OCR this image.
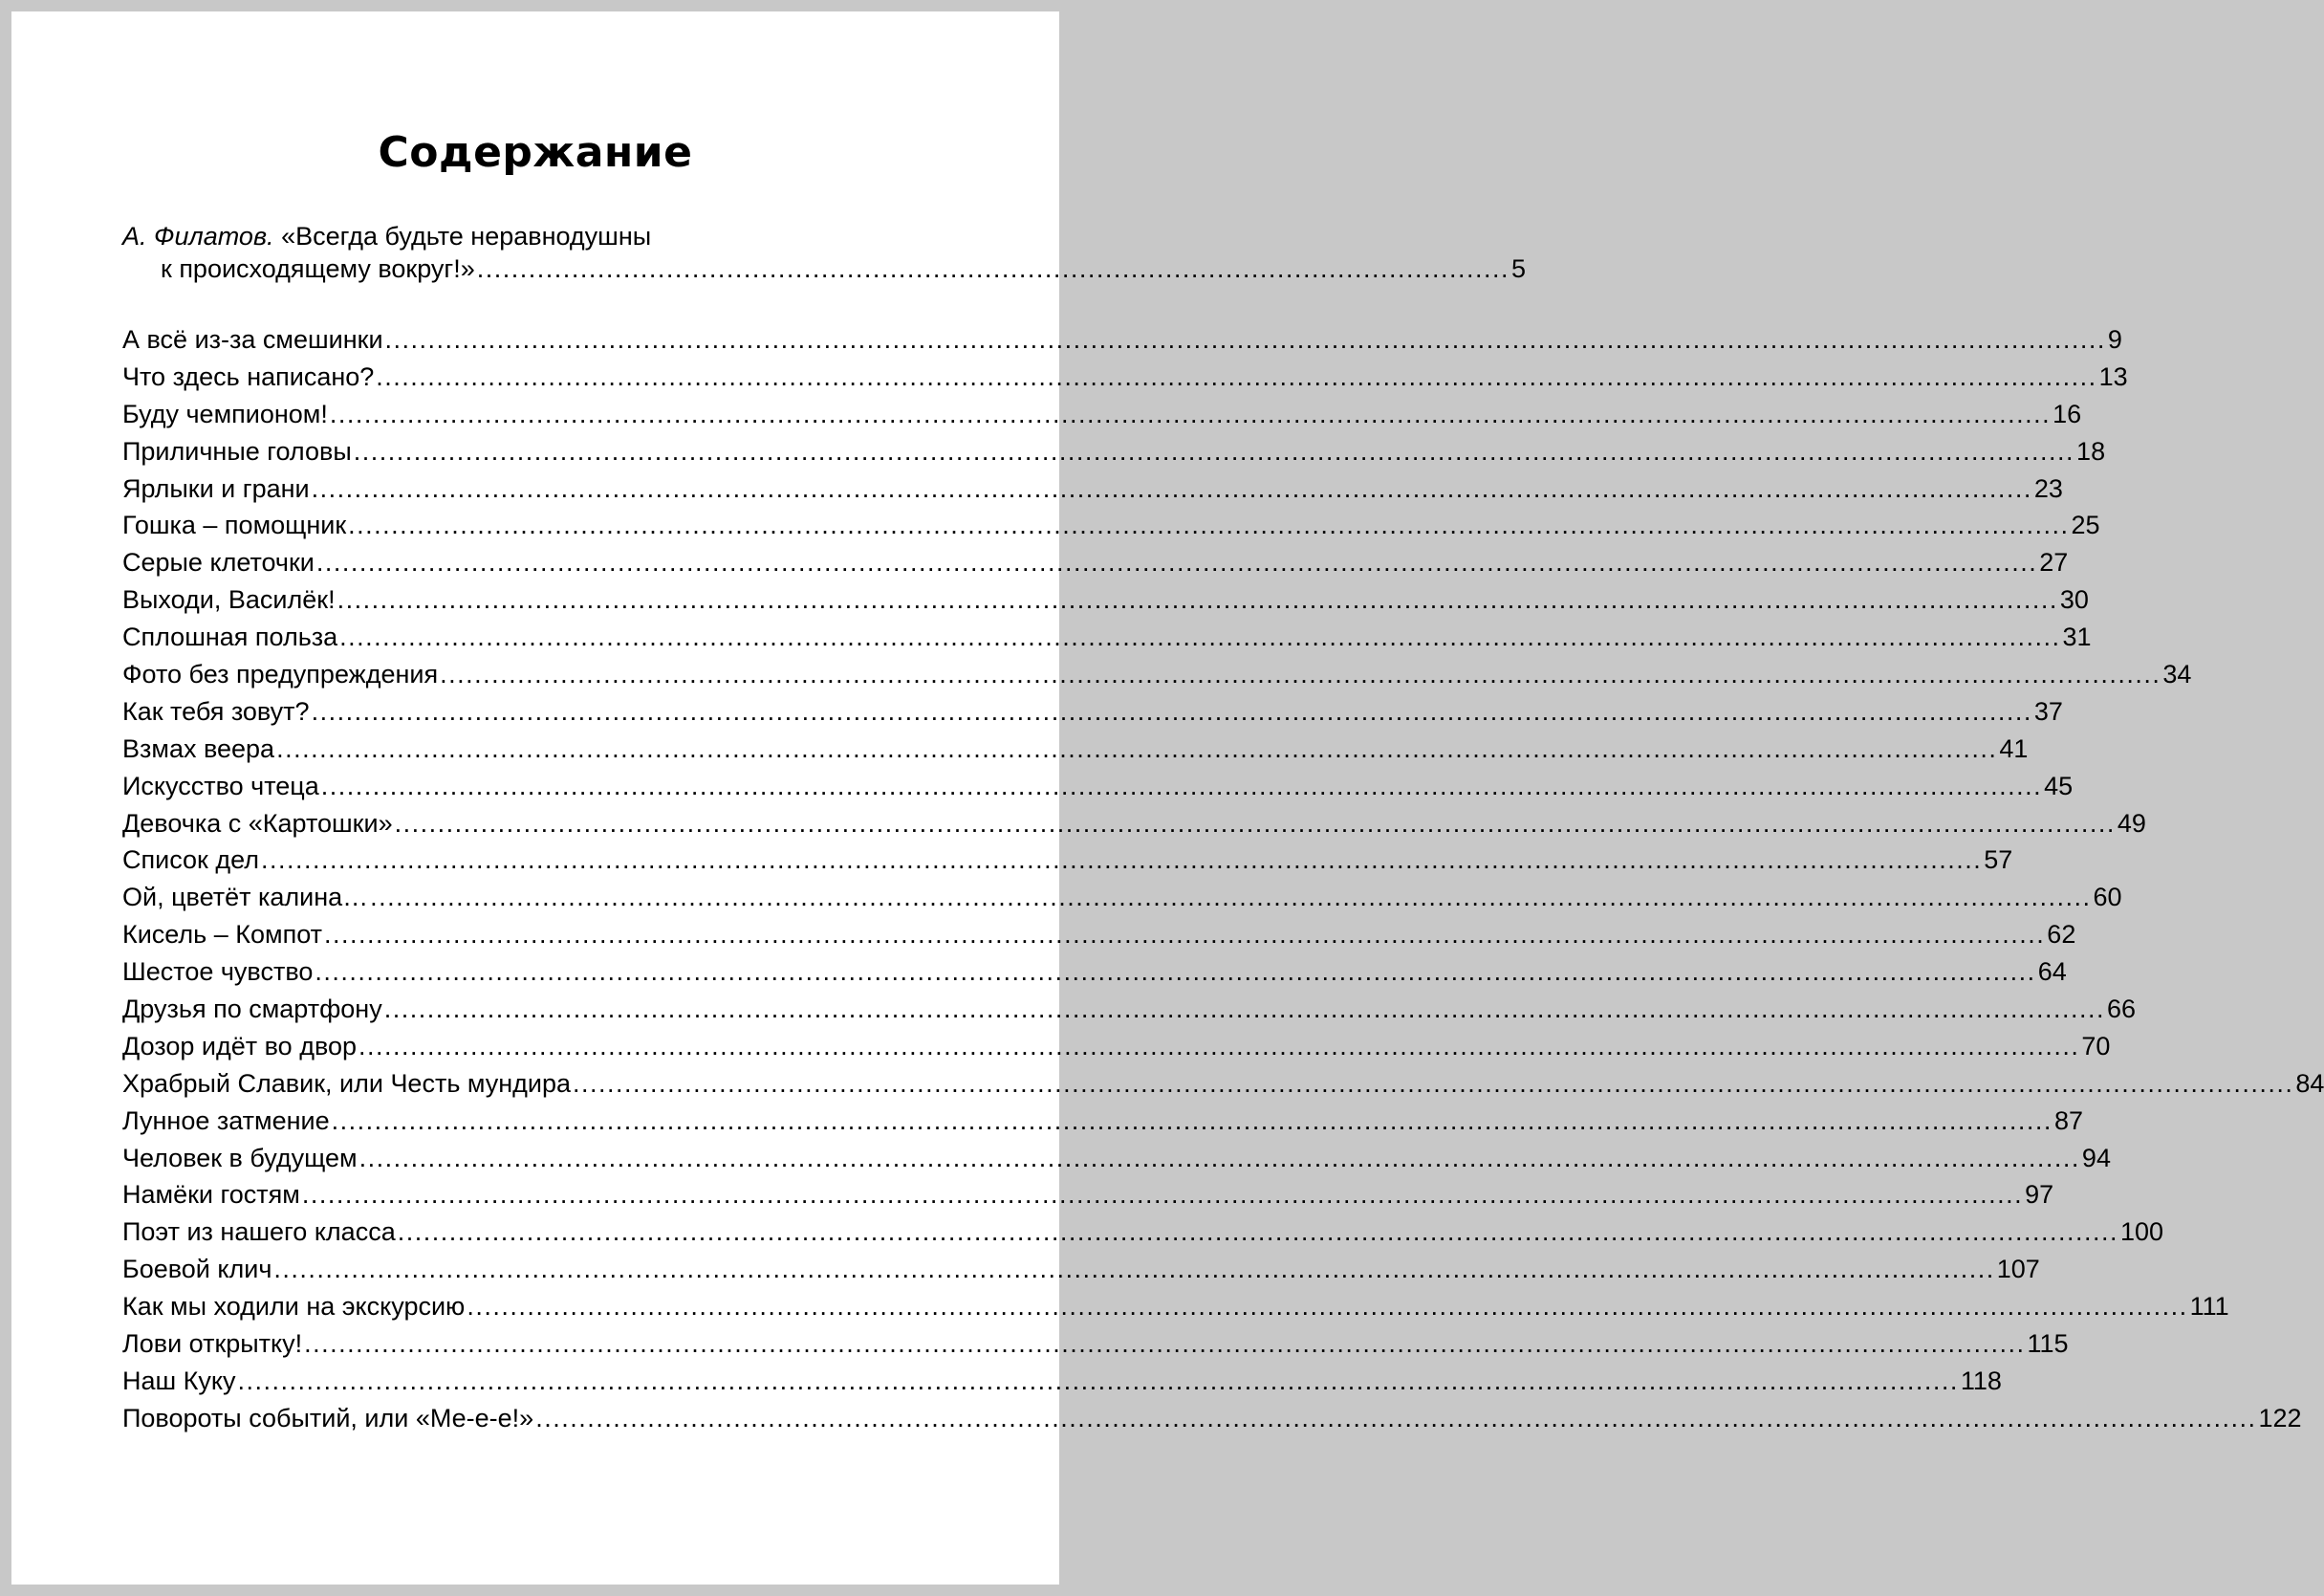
Содержание
А. Филатов. «Всегда будьте неравнодушны
к происходящему вокруг!» ........................................................................................................................ 5
А всё из-за смешинки ........................................................................................................................................................................................................ 9
Что здесь написано? ........................................................................................................................................................................................................ 13
Буду чемпионом! ........................................................................................................................................................................................................ 16
Приличные головы ........................................................................................................................................................................................................ 18
Ярлыки и грани ........................................................................................................................................................................................................ 23
Гошка – помощник ........................................................................................................................................................................................................ 25
Серые клеточки ........................................................................................................................................................................................................ 27
Выходи, Василёк! ........................................................................................................................................................................................................ 30
Сплошная польза ........................................................................................................................................................................................................ 31
Фото без предупреждения ........................................................................................................................................................................................................ 34
Как тебя зовут? ........................................................................................................................................................................................................ 37
Взмах веера ........................................................................................................................................................................................................ 41
Искусство чтеца ........................................................................................................................................................................................................ 45
Девочка с «Картошки» ........................................................................................................................................................................................................ 49
Список дел ........................................................................................................................................................................................................ 57
Ой, цветёт калина… ........................................................................................................................................................................................................ 60
Кисель – Компот ........................................................................................................................................................................................................ 62
Шестое чувство ........................................................................................................................................................................................................ 64
Друзья по смартфону ........................................................................................................................................................................................................ 66
Дозор идёт во двор ........................................................................................................................................................................................................ 70
Храбрый Славик, или Честь мундира ........................................................................................................................................................................................................ 84
Лунное затмение ........................................................................................................................................................................................................ 87
Человек в будущем ........................................................................................................................................................................................................ 94
Намёки гостям ........................................................................................................................................................................................................ 97
Поэт из нашего класса ........................................................................................................................................................................................................ 100
Боевой клич ........................................................................................................................................................................................................ 107
Как мы ходили на экскурсию ........................................................................................................................................................................................................ 111
Лови открытку! ........................................................................................................................................................................................................ 115
Наш Куку ........................................................................................................................................................................................................ 118
Повороты событий, или «Ме-е-е!» ........................................................................................................................................................................................................ 122
